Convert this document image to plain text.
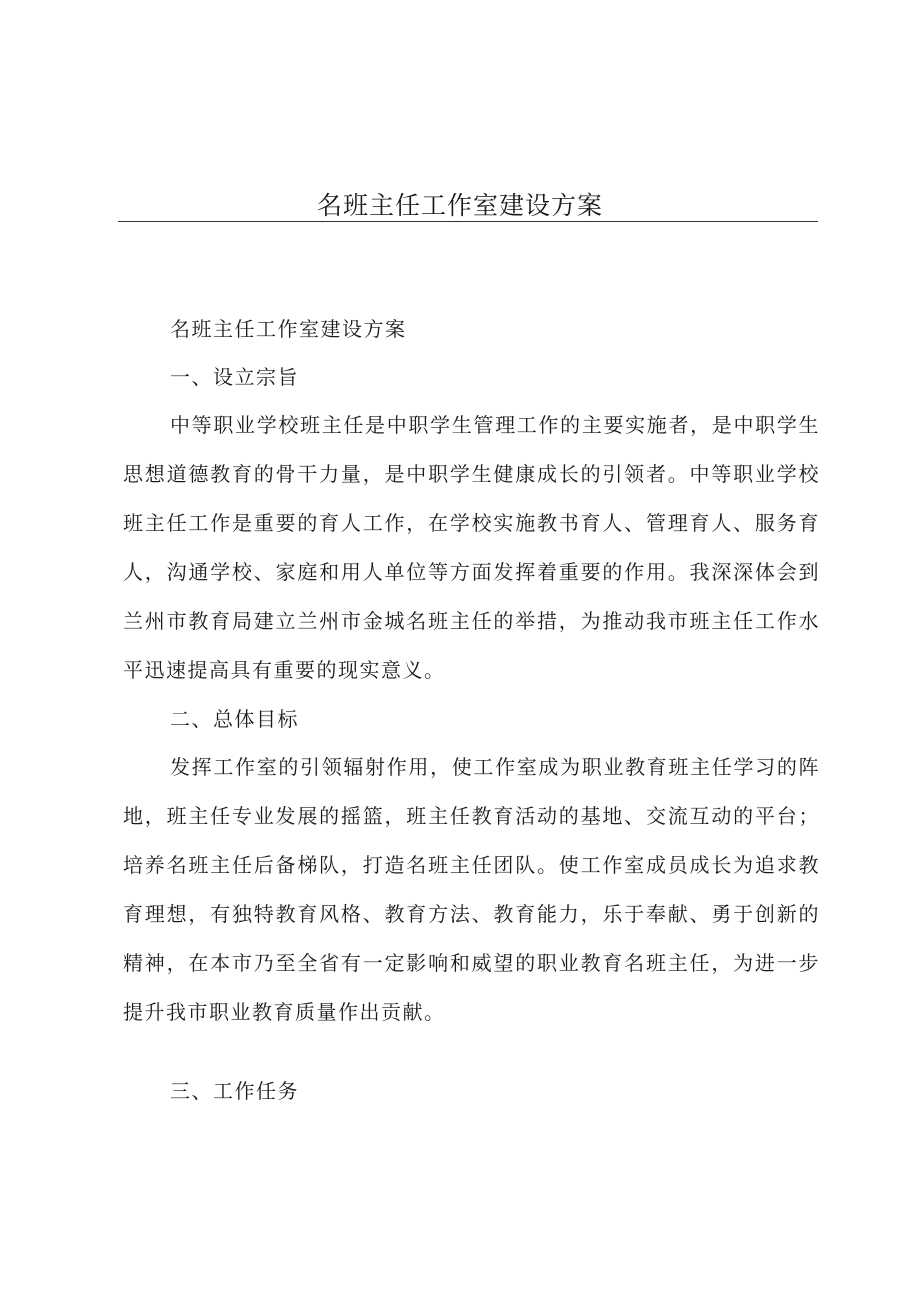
名班主任工作室建设方案

名班主任工作室建设方案

一、设立宗旨

中等职业学校班主任是中职学生管理工作的主要实施者，是中职学生思想道德教育的骨干力量，是中职学生健康成长的引领者。中等职业学校班主任工作是重要的育人工作，在学校实施教书育人、管理育人、服务育人，沟通学校、家庭和用人单位等方面发挥着重要的作用。我深深体会到兰州市教育局建立兰州市金城名班主任的举措，为推动我市班主任工作水平迅速提高具有重要的现实意义。

二、总体目标

发挥工作室的引领辐射作用，使工作室成为职业教育班主任学习的阵地，班主任专业发展的摇篮，班主任教育活动的基地、交流互动的平台；培养名班主任后备梯队，打造名班主任团队。使工作室成员成长为追求教育理想，有独特教育风格、教育方法、教育能力，乐于奉献、勇于创新的精神，在本市乃至全省有一定影响和威望的职业教育名班主任，为进一步提升我市职业教育质量作出贡献。

三、工作任务
